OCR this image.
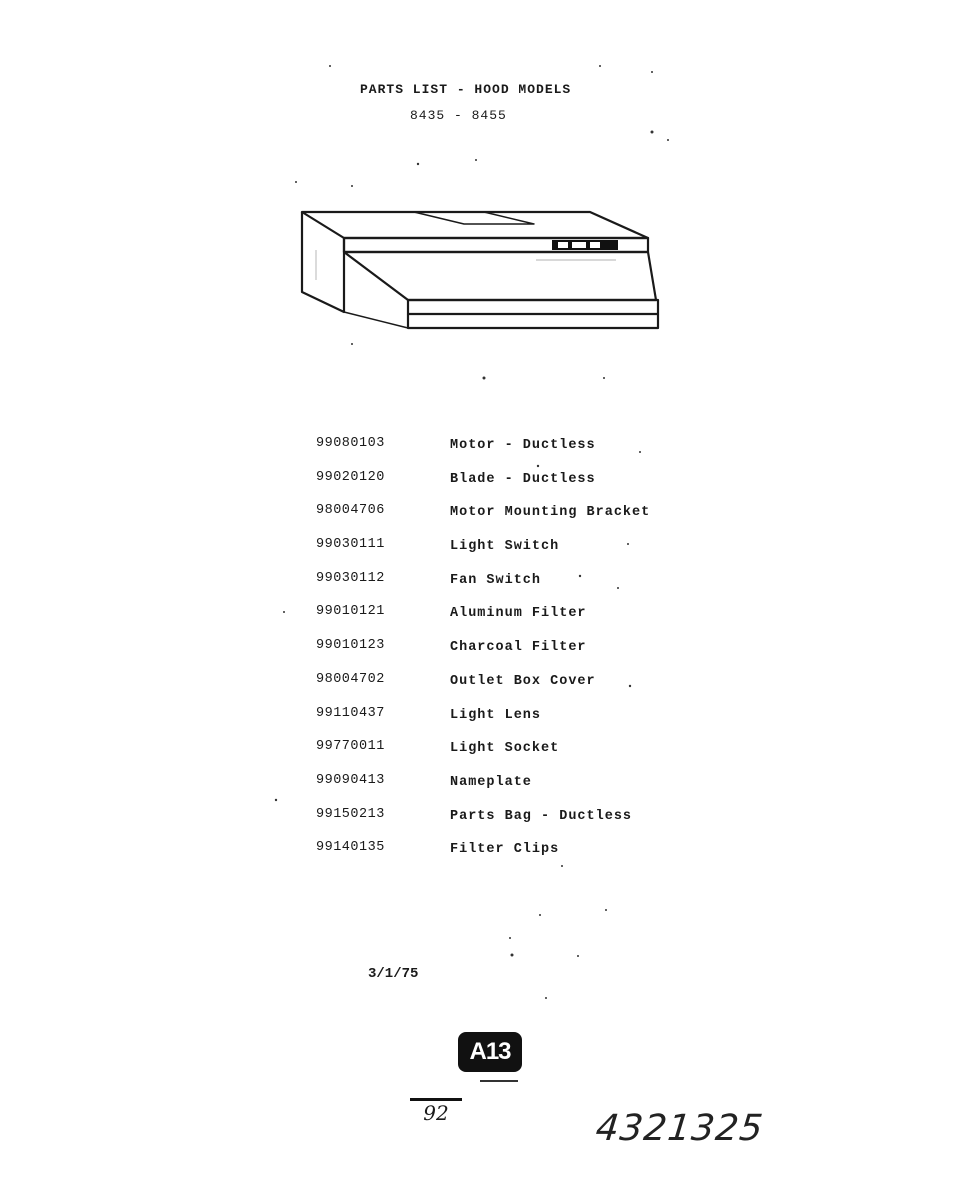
PARTS LIST - HOOD MODELS
8435 - 8455
99080103	Motor - Ductless
99020120	Blade - Ductless
98004706	Motor Mounting Bracket
99030111	Light Switch
99030112	Fan Switch
99010121	Aluminum Filter
99010123	Charcoal Filter
98004702	Outlet Box Cover
99110437	Light Lens
99770011	Light Socket
99090413	Nameplate
99150213	Parts Bag - Ductless
99140135	Filter Clips
3/1/75
A13
92	4321325
